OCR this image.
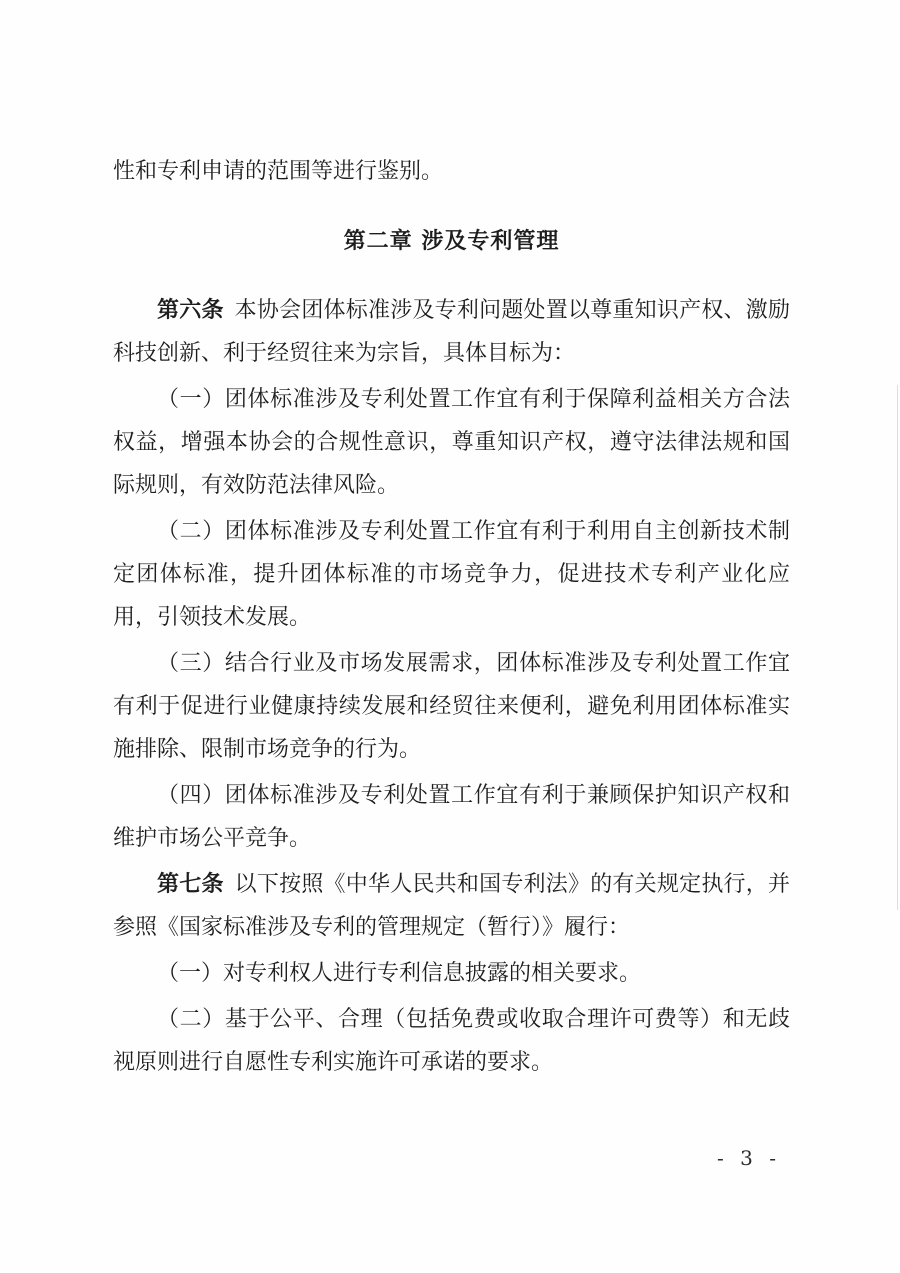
性和专利申请的范围等进行鉴别。
第二章 涉及专利管理
第六条 本协会团体标准涉及专利问题处置以尊重知识产权、激励科技创新、利于经贸往来为宗旨，具体目标为：
（一）团体标准涉及专利处置工作宜有利于保障利益相关方合法权益，增强本协会的合规性意识，尊重知识产权，遵守法律法规和国际规则，有效防范法律风险。
（二）团体标准涉及专利处置工作宜有利于利用自主创新技术制定团体标准，提升团体标准的市场竞争力，促进技术专利产业化应用，引领技术发展。
（三）结合行业及市场发展需求，团体标准涉及专利处置工作宜有利于促进行业健康持续发展和经贸往来便利，避免利用团体标准实施排除、限制市场竞争的行为。
（四）团体标准涉及专利处置工作宜有利于兼顾保护知识产权和维护市场公平竞争。
第七条 以下按照《中华人民共和国专利法》的有关规定执行，并参照《国家标准涉及专利的管理规定（暂行）》履行：
（一）对专利权人进行专利信息披露的相关要求。
（二）基于公平、合理（包括免费或收取合理许可费等）和无歧视原则进行自愿性专利实施许可承诺的要求。
- 3 -
